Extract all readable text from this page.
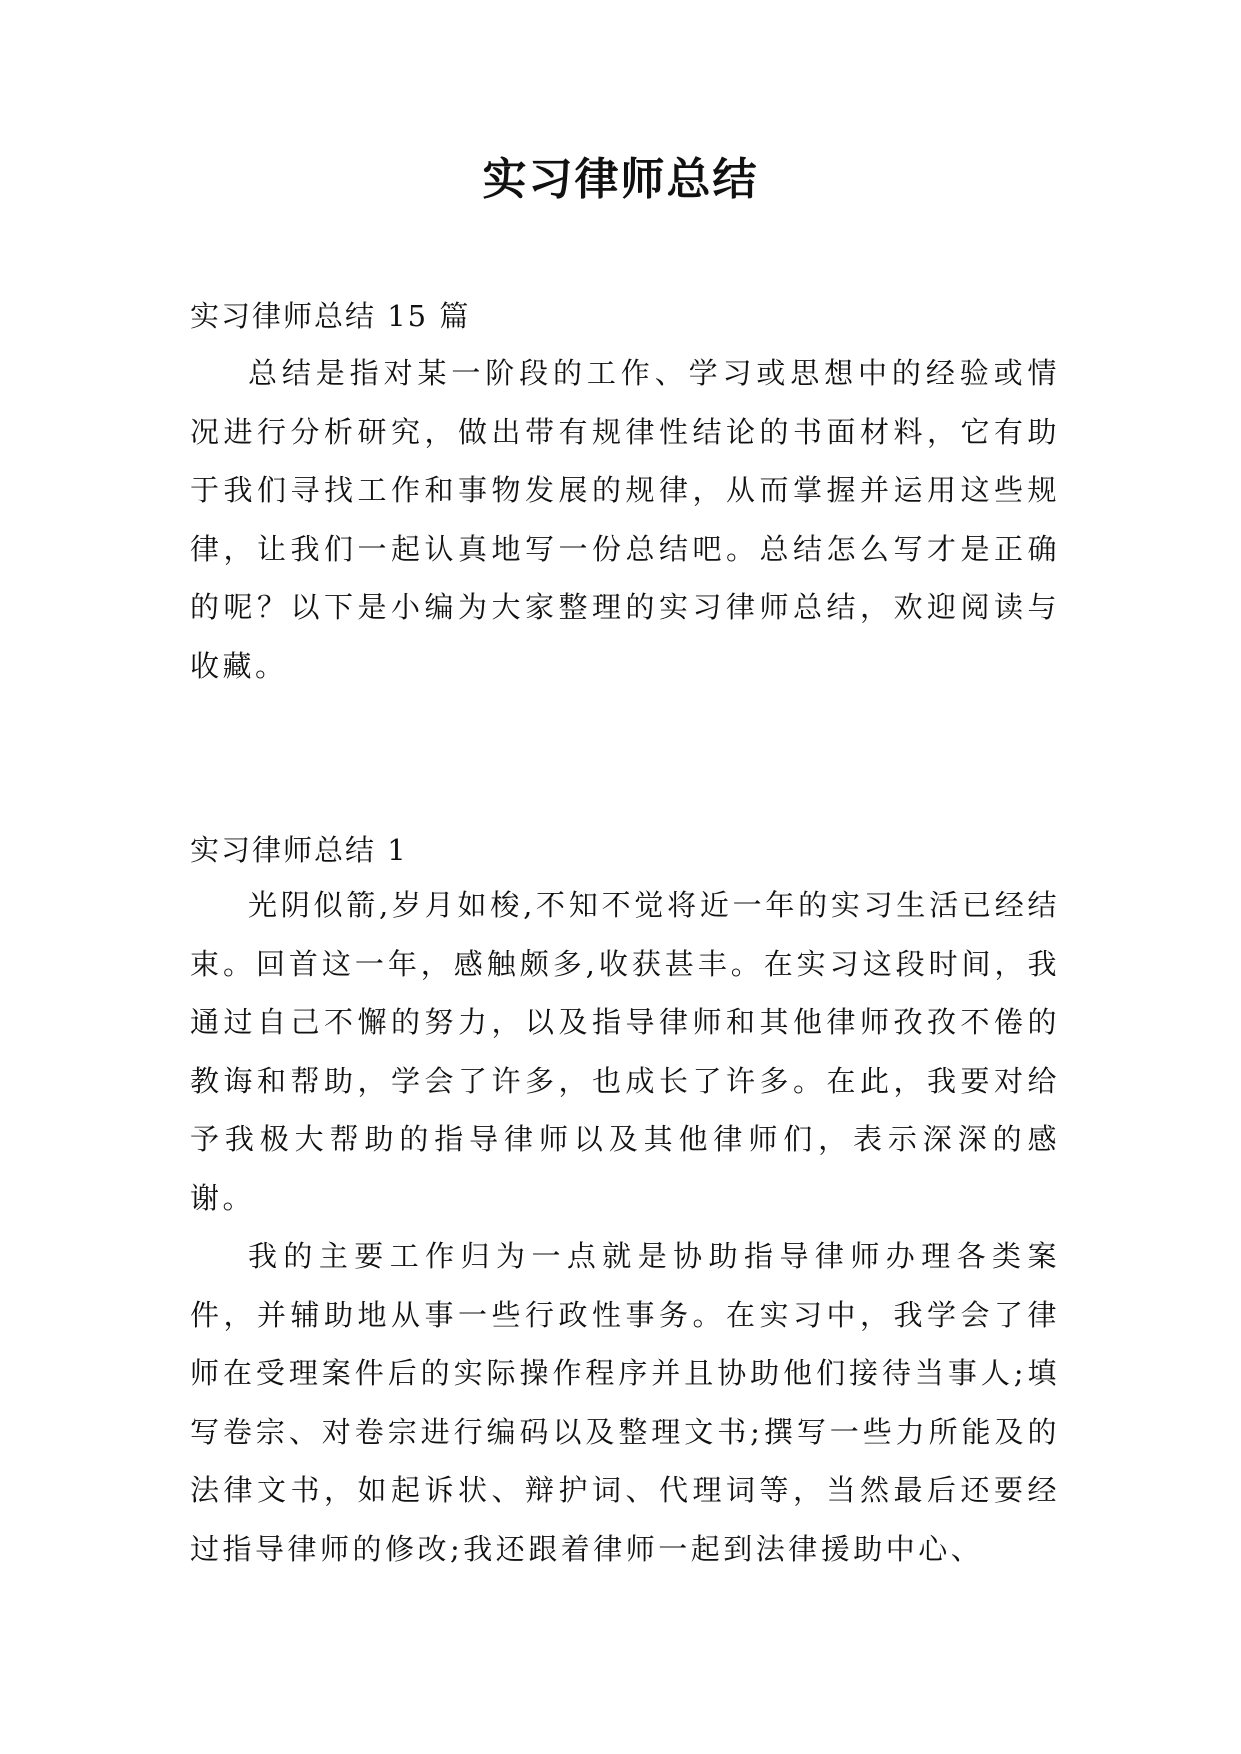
实习律师总结
实习律师总结 15 篇

总结是指对某一阶段的工作、学习或思想中的经验或情况进行分析研究，做出带有规律性结论的书面材料，它有助于我们寻找工作和事物发展的规律，从而掌握并运用这些规律，让我们一起认真地写一份总结吧。总结怎么写才是正确的呢？以下是小编为大家整理的实习律师总结，欢迎阅读与收藏。

实习律师总结 1

光阴似箭,岁月如梭,不知不觉将近一年的实习生活已经结束。回首这一年，感触颇多,收获甚丰。在实习这段时间，我通过自己不懈的努力，以及指导律师和其他律师孜孜不倦的教诲和帮助，学会了许多，也成长了许多。在此，我要对给予我极大帮助的指导律师以及其他律师们，表示深深的感谢。

我的主要工作归为一点就是协助指导律师办理各类案件，并辅助地从事一些行政性事务。在实习中，我学会了律师在受理案件后的实际操作程序并且协助他们接待当事人;填写卷宗、对卷宗进行编码以及整理文书;撰写一些力所能及的法律文书，如起诉状、辩护词、代理词等，当然最后还要经过指导律师的修改;我还跟着律师一起到法律援助中心、
